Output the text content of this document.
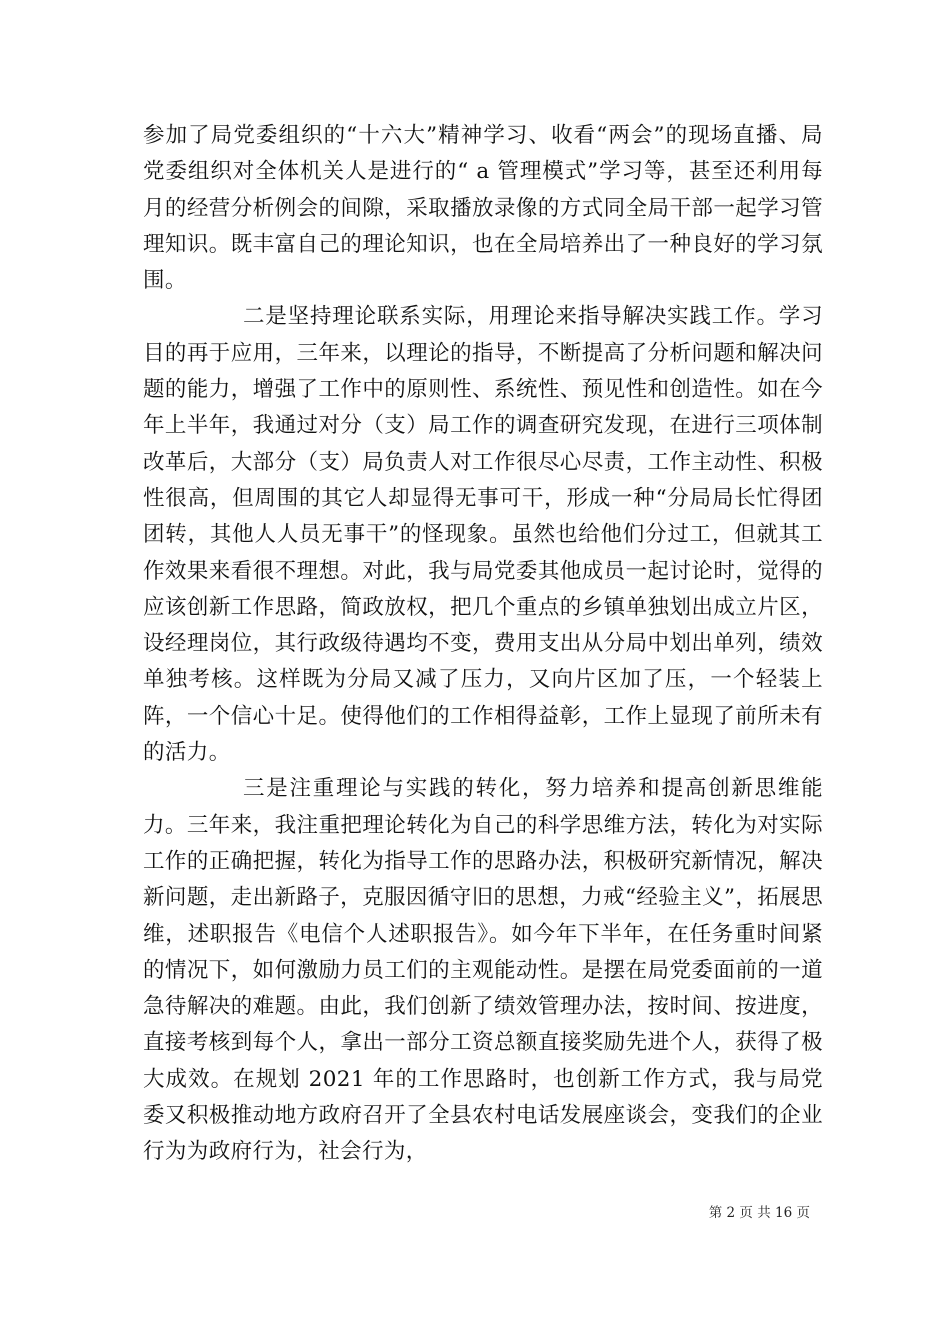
参加了局党委组织的“十六大”精神学习、收看“两会”的现场直播、局党委组织对全体机关人是进行的“ a 管理模式”学习等，甚至还利用每月的经营分析例会的间隙，采取播放录像的方式同全局干部一起学习管理知识。既丰富自己的理论知识，也在全局培养出了一种良好的学习氛围。

二是坚持理论联系实际，用理论来指导解决实践工作。学习目的再于应用，三年来，以理论的指导，不断提高了分析问题和解决问题的能力，增强了工作中的原则性、系统性、预见性和创造性。如在今年上半年，我通过对分（支）局工作的调查研究发现，在进行三项体制改革后，大部分（支）局负责人对工作很尽心尽责，工作主动性、积极性很高，但周围的其它人却显得无事可干，形成一种“分局局长忙得团团转，其他人人员无事干”的怪现象。虽然也给他们分过工，但就其工作效果来看很不理想。对此，我与局党委其他成员一起讨论时，觉得的应该创新工作思路，简政放权，把几个重点的乡镇单独划出成立片区，设经理岗位，其行政级待遇均不变，费用支出从分局中划出单列，绩效单独考核。这样既为分局又减了压力，又向片区加了压，一个轻装上阵，一个信心十足。使得他们的工作相得益彰，工作上显现了前所未有的活力。

三是注重理论与实践的转化，努力培养和提高创新思维能力。三年来，我注重把理论转化为自己的科学思维方法，转化为对实际工作的正确把握，转化为指导工作的思路办法，积极研究新情况，解决新问题，走出新路子，克服因循守旧的思想，力戒“经验主义”，拓展思维，述职报告《电信个人述职报告》。如今年下半年，在任务重时间紧的情况下，如何激励力员工们的主观能动性。是摆在局党委面前的一道急待解决的难题。由此，我们创新了绩效管理办法，按时间、按进度，直接考核到每个人，拿出一部分工资总额直接奖励先进个人，获得了极大成效。在规划 2021 年的工作思路时，也创新工作方式，我与局党委又积极推动地方政府召开了全县农村电话发展座谈会，变我们的企业行为为政府行为，社会行为，

第 2 页 共 16 页
